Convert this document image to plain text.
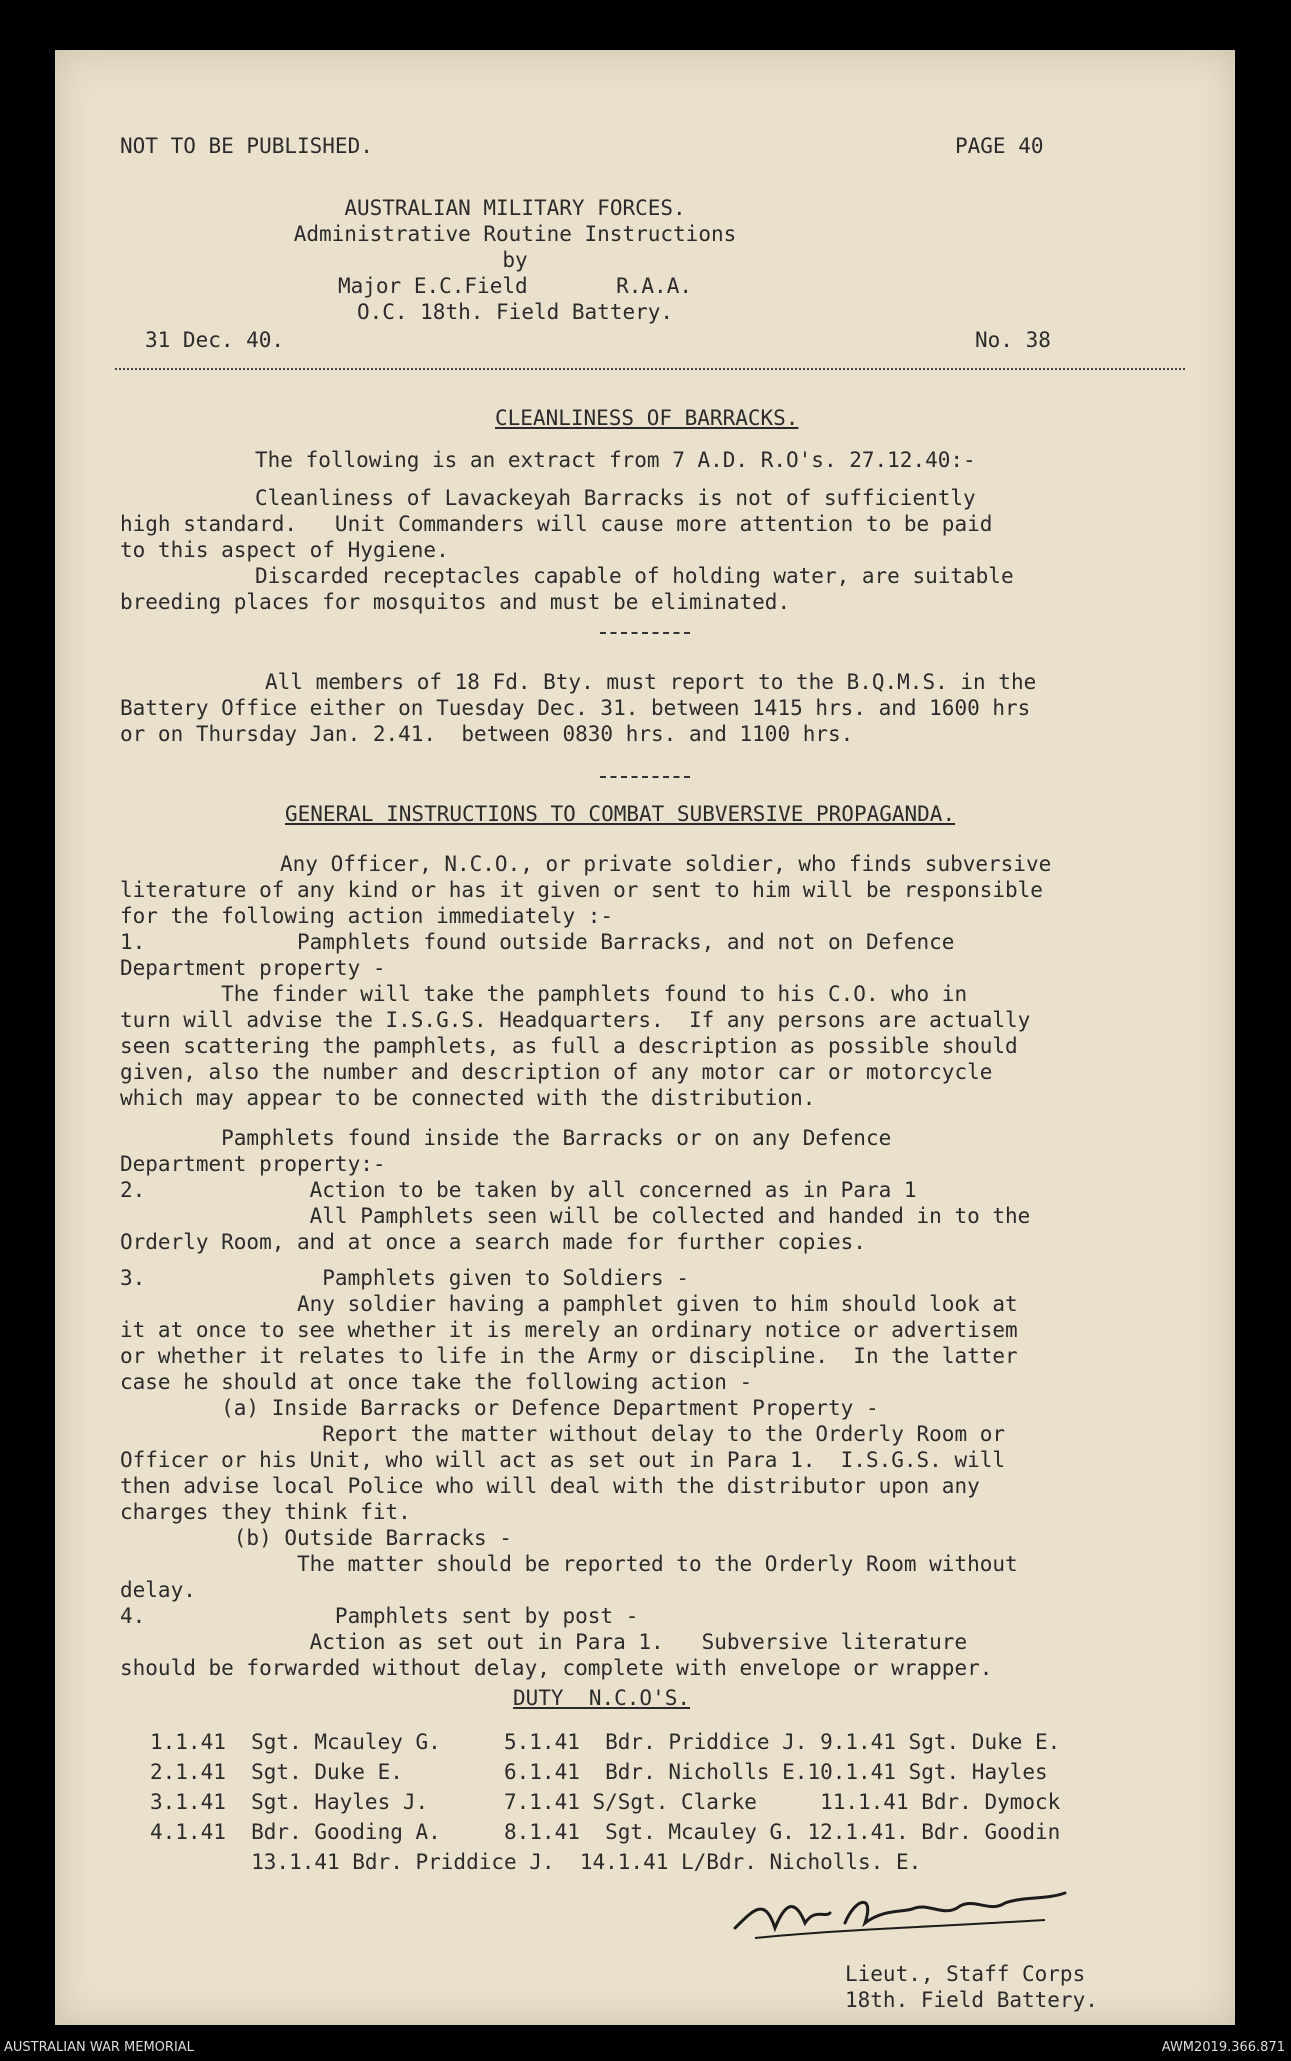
NOT TO BE PUBLISHED.	PAGE 40
AUSTRALIAN MILITARY FORCES.
Administrative Routine Instructions
by
Major E.C.Field       R.A.A.
O.C. 18th. Field Battery.
31 Dec. 40.	No. 38
CLEANLINESS OF BARRACKS.
The following is an extract from 7 A.D. R.O's. 27.12.40:-
Cleanliness of Lavackeyah Barracks is not of sufficiently
high standard.   Unit Commanders will cause more attention to be paid
to this aspect of Hygiene.
Discarded receptacles capable of holding water, are suitable
breeding places for mosquitos and must be eliminated.
All members of 18 Fd. Bty. must report to the B.Q.M.S. in the
Battery Office either on Tuesday Dec. 31. between 1415 hrs. and 1600 hrs
or on Thursday Jan. 2.41.  between 0830 hrs. and 1100 hrs.
GENERAL INSTRUCTIONS TO COMBAT SUBVERSIVE PROPAGANDA.
Any Officer, N.C.O., or private soldier, who finds subversive
literature of any kind or has it given or sent to him will be responsible
for the following action immediately :-
1.            Pamphlets found outside Barracks, and not on Defence
Department property -
The finder will take the pamphlets found to his C.O. who in
turn will advise the I.S.G.S. Headquarters.  If any persons are actually
seen scattering the pamphlets, as full a description as possible should
given, also the number and description of any motor car or motorcycle
which may appear to be connected with the distribution.
Pamphlets found inside the Barracks or on any Defence
Department property:-
2.             Action to be taken by all concerned as in Para 1
All Pamphlets seen will be collected and handed in to the
Orderly Room, and at once a search made for further copies.
3.              Pamphlets given to Soldiers -
Any soldier having a pamphlet given to him should look at
it at once to see whether it is merely an ordinary notice or advertisem
or whether it relates to life in the Army or discipline.  In the latter
case he should at once take the following action -
(a) Inside Barracks or Defence Department Property -
Report the matter without delay to the Orderly Room or
Officer or his Unit, who will act as set out in Para 1.  I.S.G.S. will
then advise local Police who will deal with the distributor upon any
charges they think fit.
(b) Outside Barracks -
The matter should be reported to the Orderly Room without
delay.
4.               Pamphlets sent by post -
Action as set out in Para 1.   Subversive literature
should be forwarded without delay, complete with envelope or wrapper.
DUTY  N.C.O'S.
1.1.41  Sgt. Mcauley G.     5.1.41  Bdr. Priddice J. 9.1.41 Sgt. Duke E.
2.1.41  Sgt. Duke E.        6.1.41  Bdr. Nicholls E.10.1.41 Sgt. Hayles
3.1.41  Sgt. Hayles J.      7.1.41 S/Sgt. Clarke     11.1.41 Bdr. Dymock
4.1.41  Bdr. Gooding A.     8.1.41  Sgt. Mcauley G. 12.1.41. Bdr. Goodin
13.1.41 Bdr. Priddice J.  14.1.41 L/Bdr. Nicholls. E.
Lieut., Staff Corps
18th. Field Battery.
AUSTRALIAN WAR MEMORIAL	AWM2019.366.871
